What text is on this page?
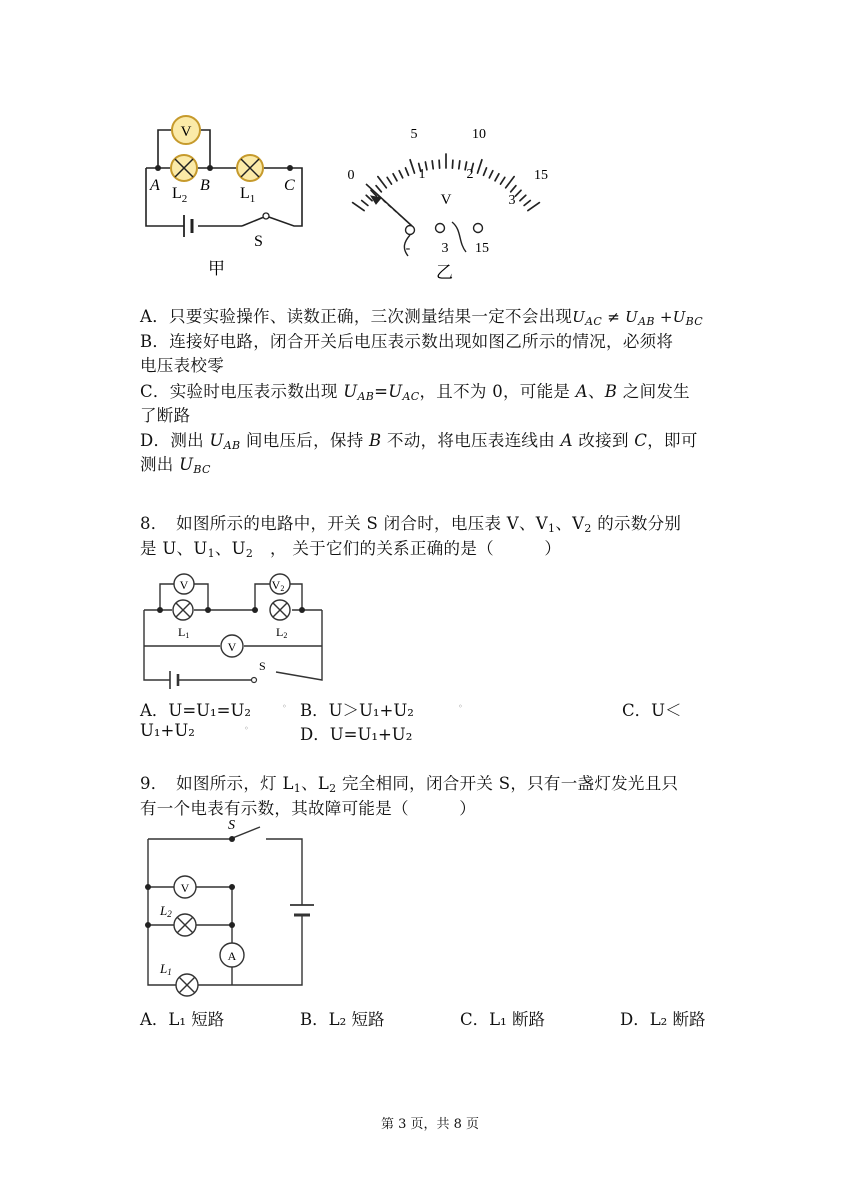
V
A	B	C
$L_2$	$L_1$
S
甲
0
5	10
15
1	2
3
V
- 3 15
乙
A．只要实验操作、读数正确，三次测量结果一定不会出现$U_{AC} \ne U_{AB} +U_{BC}$
B．连接好电路，闭合开关后电压表示数出现如图乙所示的情况，必须将
电压表校零
C．实验时电压表示数出现 $U_{AB}=U_{AC}$，且不为 0，可能是 A、B 之间发生
了断路
D．测出 $U_{AB}$ 间电压后，保持 B 不动，将电压表连线由 A 改接到 C，即可
测出 $U_{BC}$
8．　如图所示的电路中，开关 S 闭合时，电压表 V、$V_1$、$V_2$ 的示数分别
是 U、$U_1$、$U_2$　， 关于它们的关系正确的是（　　　）
V	V2
L1	L2
V
S
A．U=U₁=U₂	◦ B．U＞U₁+U₂	◦	C．U＜
U₁+U₂	◦	D．U=U₁+U₂
9．　如图所示，灯 $L_1$、$L_2$ 完全相同，闭合开关 S，只有一盏灯发光且只
有一个电表有示数，其故障可能是（　　　）
V
A
S
L2
L1
A．L₁ 短路	B．L₂ 短路	C．L₁ 断路	D．L₂ 断路
第 3 页，共 8 页
